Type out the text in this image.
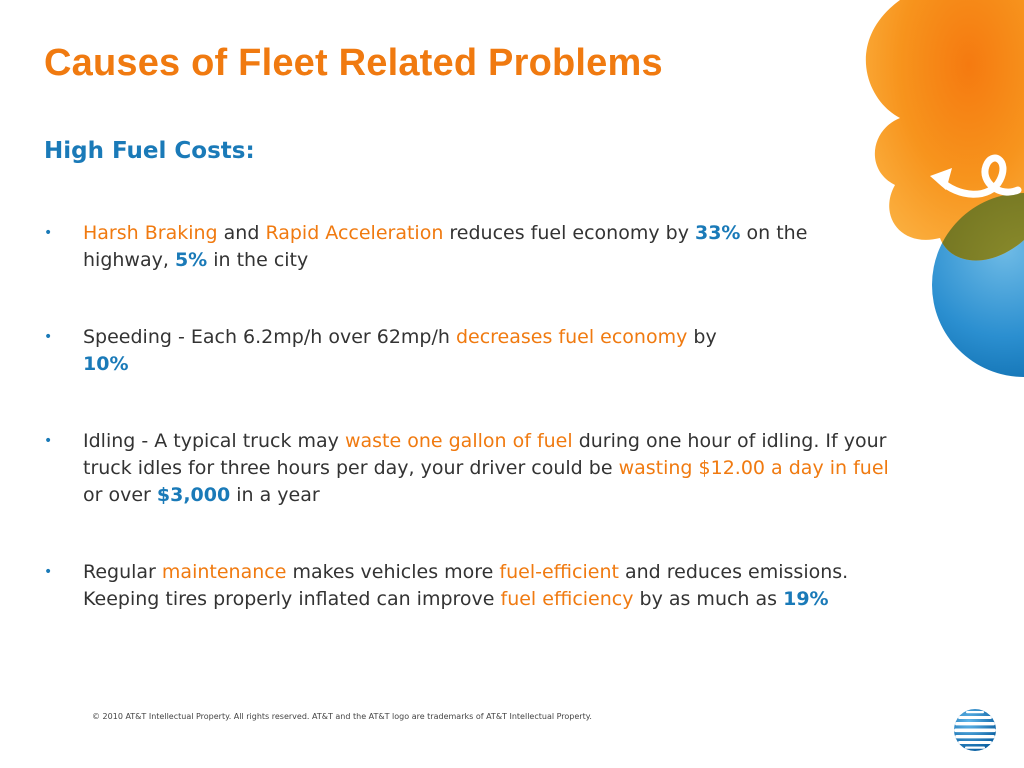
Causes of Fleet Related Problems
High Fuel Costs:
• Harsh Braking and Rapid Acceleration reduces fuel economy by 33% on the highway, 5% in the city
• Speeding - Each 6.2mp/h over 62mp/h decreases fuel economy by
10%
• Idling - A typical truck may waste one gallon of fuel during one hour of idling. If your truck idles for three hours per day, your driver could be wasting $12.00 a day in fuel or over $3,000 in a year
• Regular maintenance makes vehicles more fuel-efficient and reduces emissions. Keeping tires properly inflated can improve fuel efficiency by as much as 19%
© 2010 AT&T Intellectual Property. All rights reserved. AT&T and the AT&T logo are trademarks of AT&T Intellectual Property.
